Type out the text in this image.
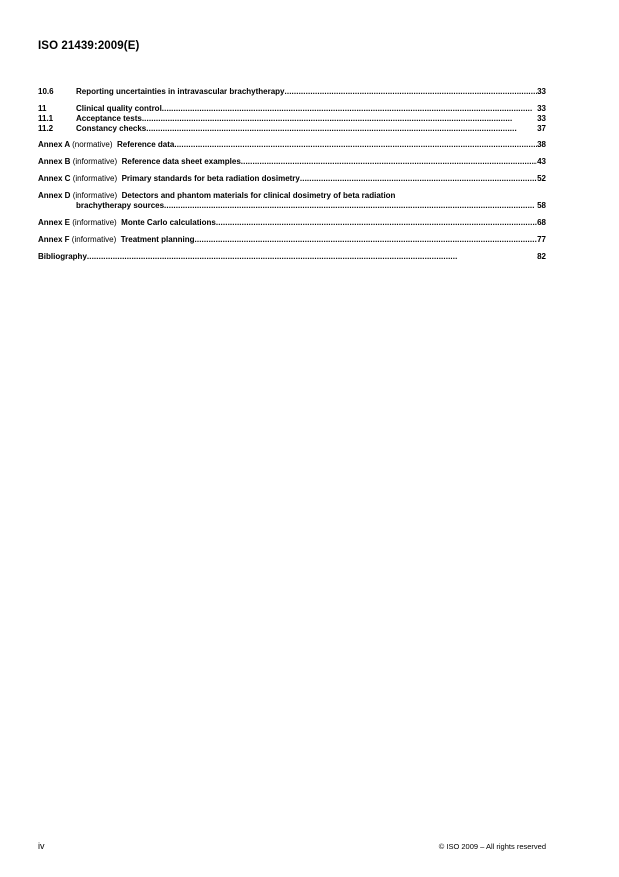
ISO 21439:2009(E)
10.6	Reporting uncertainties in intravascular brachytherapy . . .	33
11	Clinical quality control . . .	33
11.1	Acceptance tests . . .	33
11.2	Constancy checks . . .	37
Annex A (normative) Reference data . . .	38
Annex B (informative) Reference data sheet examples . . .	43
Annex C (informative) Primary standards for beta radiation dosimetry . . .	52
Annex D (informative) Detectors and phantom materials for clinical dosimetry of beta radiation
brachytherapy sources . . .	58
Annex E (informative) Monte Carlo calculations . . .	68
Annex F (informative) Treatment planning . . .	77
Bibliography . . .	82
iv	© ISO 2009 – All rights reserved
